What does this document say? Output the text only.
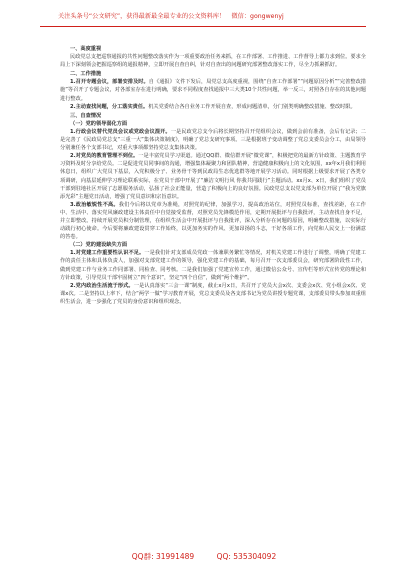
关注头条号“公文研究”，获得最新最全最专业的公文资料库！　微信：gongwenyj

一、高度重视

民政党总支把巡察通报的共性问题整改落实作为一项重要政治任务来抓，在工作部署、工作推进、工作督导上都力求到位。要求全局上下深刻领会把握巡察组的通报精神，立即开展自查自纠，针对自查出的问题研究部署整改落实工作，尽全力抓紧抓好。

二、工作措施

1.召开专题会议，部署安排及时。自《通报》文件下发后，局党总支高度重视，围绕“自查工作部署”“问题原因分析”“完善整改措施”等召开了专题会议，对各部室存在进行明确，要求不同程度查找通报中三大类10个共性问题，举一反三，对照各自存在的其他问题进行整改。

2.主动查找问题，分工落实责任。机关党委结合各自业务工作开展自查，形成问题清单，分门别类明确整改措施、整改时限。

三、自查情况

（一）党的领导弱化方面

1.行政会议替代党员会议或党政会议混开。一是民政党总支今后将长期坚持召开党组织会议，做到会前有准备，会后有记录；二是完善了《民政局党总支“三重一大”集体决策制度》，明确了党总支研究事项。三是根据班子变动调整了党总支委员会分工，由局领导分别兼任各个支部书记，对重大事项都坚持党总支集体决策。

2.对党员的教育管理不到位。一是丰富党员学习渠道。通过QQ群、微信群开展“微党课”，积极把党的最新方针政策、主题教育学习资料及时分享给党员。二是促进党员同事间的沟通，增强集体凝聚力和团队精神，营造健康积极向上的文化氛围，xx年x月我们利用休息日，组织广大党员下基层，入党积极分子、业务骨干等到民政局生态优选群等地开展学习活动。同时根据上级要求开展了各类专项调研，向基层延伸学习理论联系实际，在党员干部中开展了“廉洁文明行风 你我共同践行”主题活动。xx月x、x日，我们组织了党员干部到驻地社区开展了志愿服务活动，弘扬了社会正能量，营造了积极向上的良好氛围。民政党总支以党支部为单位开展了“我为党旗添光彩”主题党日活动，增强了党员意识和宗旨意识。

3.政治敏锐性不高。我们今后将以党章为准绳，对照党的纪律，加强学习，提高政治站位，对照党员标准，查找差距，在工作中、生活中、落实党风廉政建设主体责任中自觉接受监督，对照党员先锋模范作用，定期开展批评与自我批评，主动查找自身不足，并立即整改。持续开展党员积分制管理，在组织生活会中开展批评与自我批评，深入分析存在问题的原因，明确整改措施，以实际行动践行初心使命。今后要将廉政建设贯穿工作始终，以更加务实的作风、更加昂扬的斗志，干好各项工作，向党和人民交上一份满意的答卷。

（二）党的建设缺失方面

1.对党建工作重要性认识不足。一是我们针对支部成员党政一体兼职务繁忙等情况，对机关党建工作进行了调整，明确了党建工作的责任主体和具体负责人，加强对支部党建工作的领导，强化党建工作的基础，每月召开一次支部委员会，研究部署阶段性工作，做到党建工作与业务工作同部署、同检查、同考核。二是我们加强了党建宣传工作，通过微信公众号、宣传栏等形式宣传党的理论和方针政策，引导党员干部牢固树立“四个意识”，坚定“四个自信”，做到“两个维护”。

2.党内政治生活流于形式。一是认真落实“三会一课”制度，截止x月x日，共召开了党员大会x次、支委会x次、党小组会x次、党课x次。二是坚持以上率下，结合“两学一做”学习教育开展，党总支委员及各支部书记为党员讲授专题党课，支部委员带头参加双重组织生活会，进一步强化了党员的身份意识和组织观念。

QQ群: 31991489	QQ: 535304092
